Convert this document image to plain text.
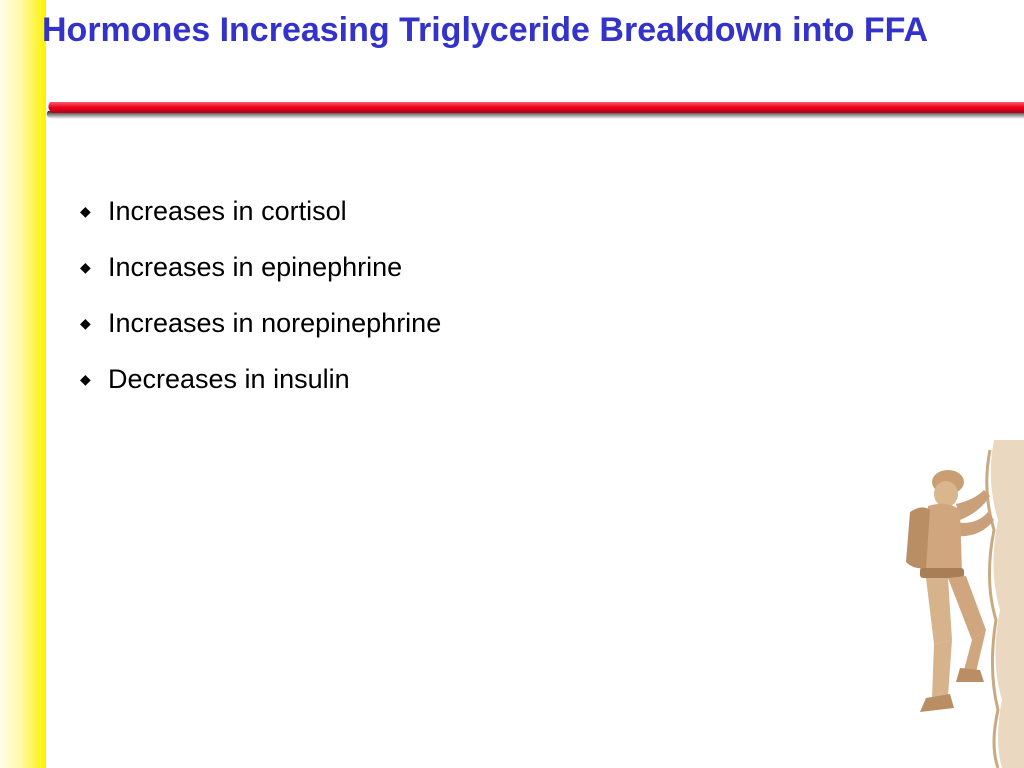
Hormones Increasing Triglyceride Breakdown into FFA
◆ Increases in cortisol
◆ Increases in epinephrine
◆ Increases in norepinephrine
◆ Decreases in insulin
